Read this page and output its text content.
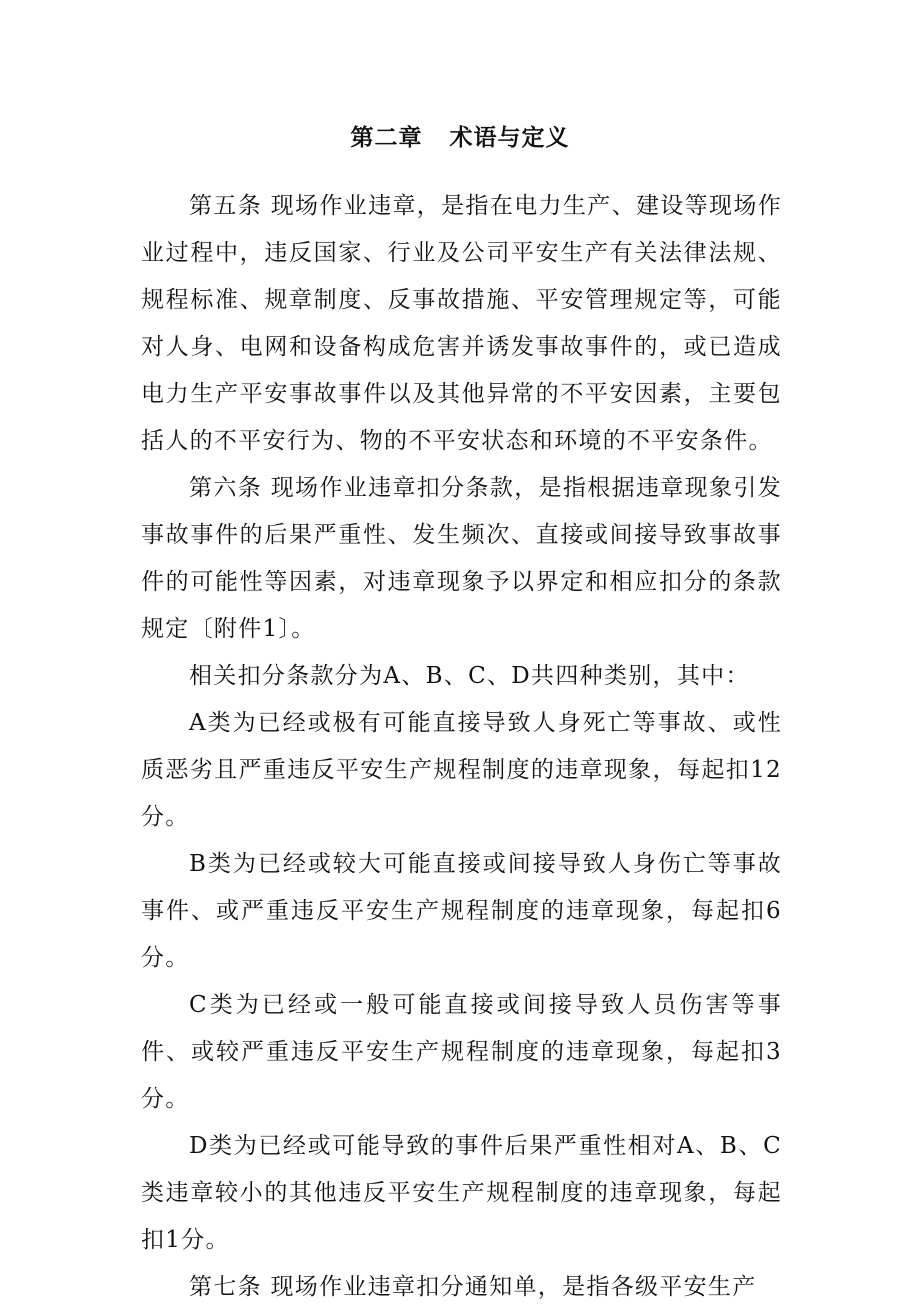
第二章   术语与定义

第五条 现场作业违章，是指在电力生产、建设等现场作业过程中，违反国家、行业及公司平安生产有关法律法规、规程标准、规章制度、反事故措施、平安管理规定等，可能对人身、电网和设备构成危害并诱发事故事件的，或已造成电力生产平安事故事件以及其他异常的不平安因素，主要包括人的不平安行为、物的不平安状态和环境的不平安条件。

第六条 现场作业违章扣分条款，是指根据违章现象引发事故事件的后果严重性、发生频次、直接或间接导致事故事件的可能性等因素，对违章现象予以界定和相应扣分的条款规定〔附件1〕。

相关扣分条款分为A、B、C、D共四种类别，其中：

A类为已经或极有可能直接导致人身死亡等事故、或性质恶劣且严重违反平安生产规程制度的违章现象，每起扣12分。

B类为已经或较大可能直接或间接导致人身伤亡等事故事件、或严重违反平安生产规程制度的违章现象，每起扣6分。

C类为已经或一般可能直接或间接导致人员伤害等事件、或较严重违反平安生产规程制度的违章现象，每起扣3分。

D类为已经或可能导致的事件后果严重性相对A、B、C类违章较小的其他违反平安生产规程制度的违章现象，每起扣1分。

第七条 现场作业违章扣分通知单，是指各级平安生产
